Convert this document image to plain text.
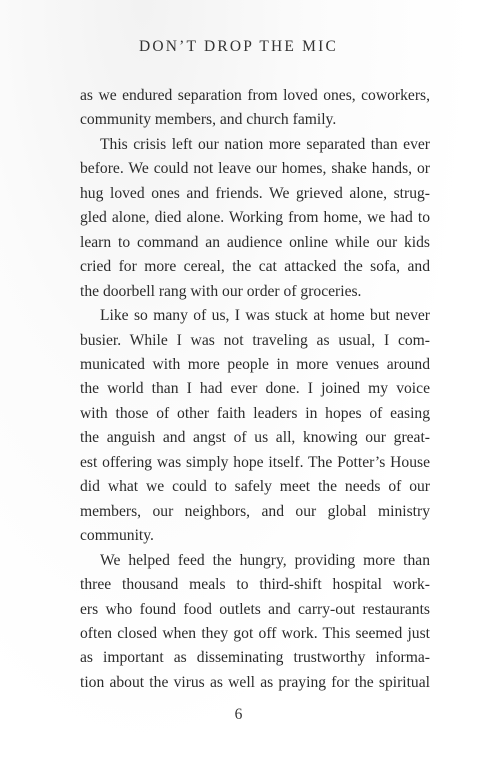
DON’T DROP THE MIC

as we endured separation from loved ones, coworkers,
community members, and church family.

This crisis left our nation more separated than ever
before. We could not leave our homes, shake hands, or
hug loved ones and friends. We grieved alone, strug-
gled alone, died alone. Working from home, we had to
learn to command an audience online while our kids
cried for more cereal, the cat attacked the sofa, and
the doorbell rang with our order of groceries.

Like so many of us, I was stuck at home but never
busier. While I was not traveling as usual, I com-
municated with more people in more venues around
the world than I had ever done. I joined my voice
with those of other faith leaders in hopes of easing
the anguish and angst of us all, knowing our great-
est offering was simply hope itself. The Potter’s House
did what we could to safely meet the needs of our
members, our neighbors, and our global ministry
community.

We helped feed the hungry, providing more than
three thousand meals to third-shift hospital work-
ers who found food outlets and carry-out restaurants
often closed when they got off work. This seemed just
as important as disseminating trustworthy informa-
tion about the virus as well as praying for the spiritual

6
